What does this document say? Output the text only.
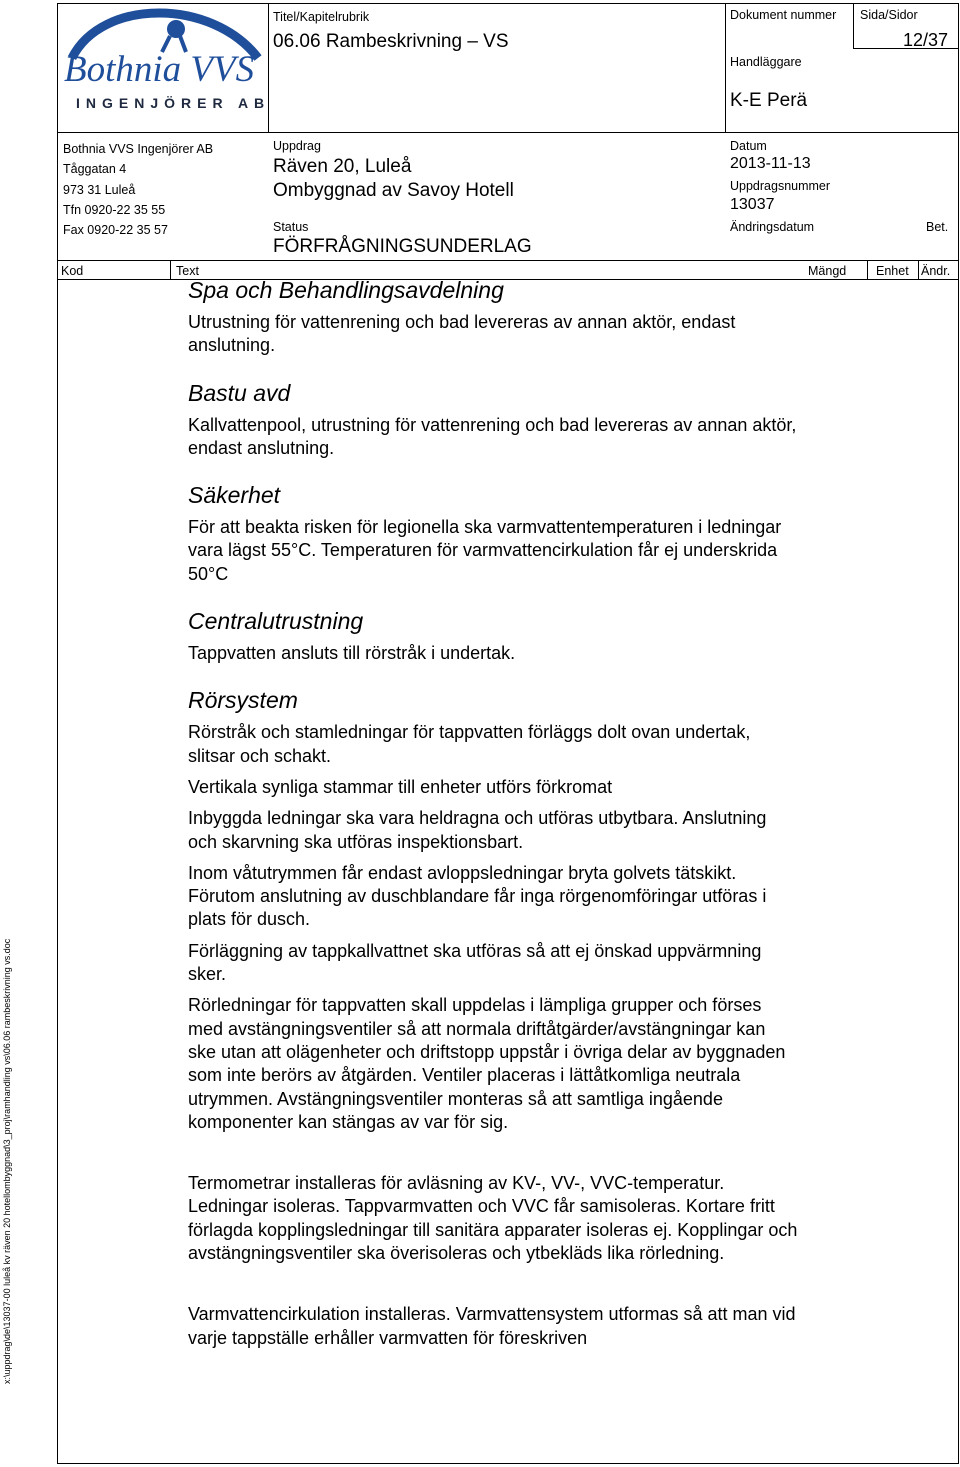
x:\uppdrag\de\13037-00 luleå kv räven 20 hotellombyggnad\3_proj\ramhandling vs\06.06 rambeskrivning vs.doc
Bothnia VVS
INGENJÖRER AB
Titel/Kapitelrubrik
06.06 Rambeskrivning – VS
Dokument nummer Sida/Sidor
12/37
Handläggare
K-E Perä
Bothnia VVS Ingenjörer AB
Tåggatan 4
973 31 Luleå
Tfn 0920-22 35 55
Fax 0920-22 35 57
Uppdrag
Räven 20, Luleå
Ombyggnad av Savoy Hotell
Datum
2013-11-13
Uppdragsnummer
13037
Status
FÖRFRÅGNINGSUNDERLAG
Ändringsdatum	Bet.
Kod	Text	Mängd Enhet Ändr.
Spa och Behandlingsavdelning

Utrustning för vattenrening och bad levereras av annan aktör, endast anslutning.

Bastu avd

Kallvattenpool, utrustning för vattenrening och bad levereras av annan aktör, endast anslutning.

Säkerhet

För att beakta risken för legionella ska varmvattentemperaturen i ledningar vara lägst 55°C. Temperaturen för varmvattencirkulation får ej underskrida 50°C

Centralutrustning

Tappvatten ansluts till rörstråk i undertak.

Rörsystem

Rörstråk och stamledningar för tappvatten förläggs dolt ovan undertak, slitsar och schakt.

Vertikala synliga stammar till enheter utförs förkromat

Inbyggda ledningar ska vara heldragna och utföras utbytbara. Anslutning och skarvning ska utföras inspektionsbart.

Inom våtutrymmen får endast avloppsledningar bryta golvets tätskikt. Förutom anslutning av duschblandare får inga rörgenomföringar utföras i plats för dusch.

Förläggning av tappkallvattnet ska utföras så att ej önskad uppvärmning sker.

Rörledningar för tappvatten skall uppdelas i lämpliga grupper och förses med avstängningsventiler så att normala driftåtgärder/avstängningar kan ske utan att olägenheter och driftstopp uppstår i övriga delar av byggnaden som inte berörs av åtgärden. Ventiler placeras i lättåtkomliga neutrala utrymmen. Avstängningsventiler monteras så att samtliga ingående komponenter kan stängas av var för sig.

Termometrar installeras för avläsning av KV-, VV-, VVC-temperatur. Ledningar isoleras. Tappvarmvatten och VVC får samisoleras. Kortare fritt förlagda kopplingsledningar till sanitära apparater isoleras ej. Kopplingar och avstängningsventiler ska överisoleras och ytbekläds lika rörledning.

Varmvattencirkulation installeras. Varmvattensystem utformas så att man vid varje tappställe erhåller varmvatten för föreskriven
